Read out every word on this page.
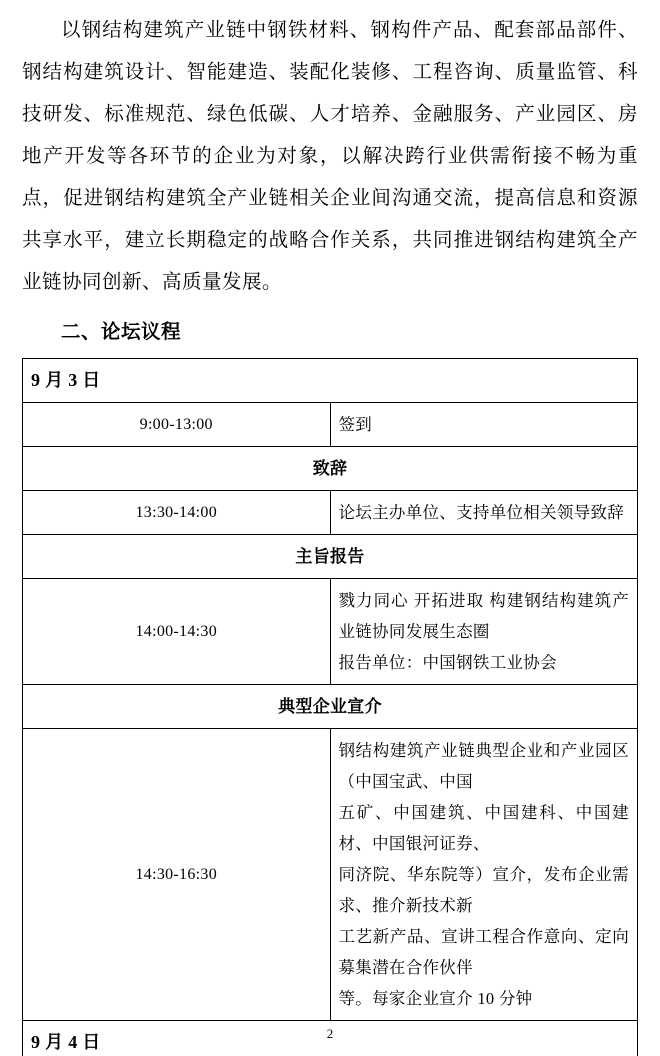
以钢结构建筑产业链中钢铁材料、钢构件产品、配套部品部件、钢结构建筑设计、智能建造、装配化装修、工程咨询、质量监管、科技研发、标准规范、绿色低碳、人才培养、金融服务、产业园区、房地产开发等各环节的企业为对象，以解决跨行业供需衔接不畅为重点，促进钢结构建筑全产业链相关企业间沟通交流，提高信息和资源共享水平，建立长期稳定的战略合作关系，共同推进钢结构建筑全产业链协同创新、高质量发展。

二、论坛议程
9 月 3 日	
9:00-13:00	签到

致辞	
13:30-14:00	论坛主办单位、支持单位相关领导致辞

主旨报告	
14:00-14:30	戮力同心 开拓进取 构建钢结构建筑产业链协同发展生态圈
报告单位：中国钢铁工业协会

典型企业宣介	
14:30-16:30	钢结构建筑产业链典型企业和产业园区（中国宝武、中国
五矿、中国建筑、中国建科、中国建材、中国银河证券、
同济院、华东院等）宣介，发布企业需求、推介新技术新
工艺新产品、宣讲工程合作意向、定向募集潜在合作伙伴
等。每家企业宣介 10 分钟

9 月 4 日		2
